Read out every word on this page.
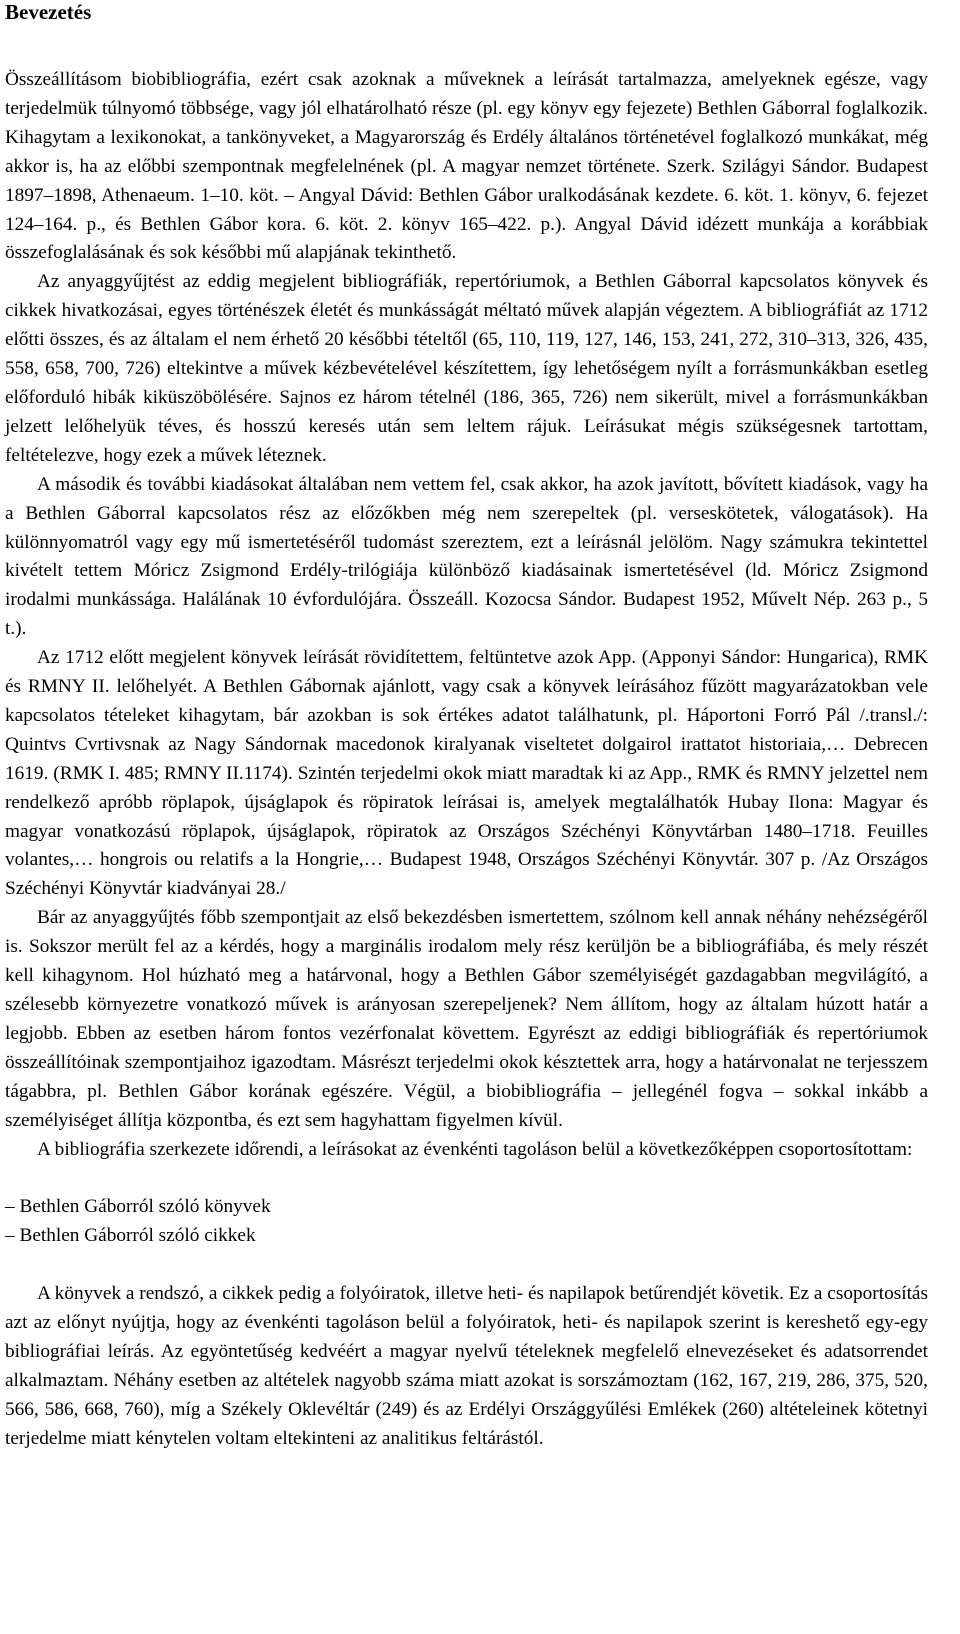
Bevezetés

Összeállításom biobibliográfia, ezért csak azoknak a műveknek a leírását tartalmazza, amelyeknek egésze, vagy terjedelmük túlnyomó többsége, vagy jól elhatárolható része (pl. egy könyv egy fejezete) Bethlen Gáborral foglalkozik. Kihagytam a lexikonokat, a tankönyveket, a Magyarország és Erdély általános történetével foglalkozó munkákat, még akkor is, ha az előbbi szempontnak megfelelnének (pl. A magyar nemzet története. Szerk. Szilágyi Sándor. Budapest 1897–1898, Athenaeum. 1–10. köt. – Angyal Dávid: Bethlen Gábor uralkodásának kezdete. 6. köt. 1. könyv, 6. fejezet 124–164. p., és Bethlen Gábor kora. 6. köt. 2. könyv 165–422. p.). Angyal Dávid idézett munkája a korábbiak összefoglalásának és sok későbbi mű alapjának tekinthető.

Az anyaggyűjtést az eddig megjelent bibliográfiák, repertóriumok, a Bethlen Gáborral kapcsolatos könyvek és cikkek hivatkozásai, egyes történészek életét és munkásságát méltató művek alapján végeztem. A bibliográfiát az 1712 előtti összes, és az általam el nem érhető 20 későbbi tételtől (65, 110, 119, 127, 146, 153, 241, 272, 310–313, 326, 435, 558, 658, 700, 726) eltekintve a művek kézbevételével készítettem, így lehetőségem nyílt a forrásmunkákban esetleg előforduló hibák kiküszöbölésére. Sajnos ez három tételnél (186, 365, 726) nem sikerült, mivel a forrásmunkákban jelzett lelőhelyük téves, és hosszú keresés után sem leltem rájuk. Leírásukat mégis szükségesnek tartottam, feltételezve, hogy ezek a művek léteznek.

A második és további kiadásokat általában nem vettem fel, csak akkor, ha azok javított, bővített kiadások, vagy ha a Bethlen Gáborral kapcsolatos rész az előzőkben még nem szerepeltek (pl. verseskötetek, válogatások). Ha különnyomatról vagy egy mű ismertetéséről tudomást szereztem, ezt a leírásnál jelölöm. Nagy számukra tekintettel kivételt tettem Móricz Zsigmond Erdély-trilógiája különböző kiadásainak ismertetésével (ld. Móricz Zsigmond irodalmi munkássága. Halálának 10 évfordulójára. Összeáll. Kozocsa Sándor. Budapest 1952, Művelt Nép. 263 p., 5 t.).

Az 1712 előtt megjelent könyvek leírását rövidítettem, feltüntetve azok App. (Apponyi Sándor: Hungarica), RMK és RMNY II. lelőhelyét. A Bethlen Gábornak ajánlott, vagy csak a könyvek leírásához fűzött magyarázatokban vele kapcsolatos tételeket kihagytam, bár azokban is sok értékes adatot találhatunk, pl. Háportoni Forró Pál /.transl./: Quintvs Cvrtivsnak az Nagy Sándornak macedonok kiralyanak viseltetet dolgairol irattatot historiaia,… Debrecen 1619. (RMK I. 485; RMNY II.1174). Szintén terjedelmi okok miatt maradtak ki az App., RMK és RMNY jelzettel nem rendelkező apróbb röplapok, újságlapok és röpiratok leírásai is, amelyek megtalálhatók Hubay Ilona: Magyar és magyar vonatkozású röplapok, újságlapok, röpiratok az Országos Széchényi Könyvtárban 1480–1718. Feuilles volantes,… hongrois ou relatifs a la Hongrie,… Budapest 1948, Országos Széchényi Könyvtár. 307 p. /Az Országos Széchényi Könyvtár kiadványai 28./

Bár az anyaggyűjtés főbb szempontjait az első bekezdésben ismertettem, szólnom kell annak néhány nehézségéről is. Sokszor merült fel az a kérdés, hogy a marginális irodalom mely rész kerüljön be a bibliográfiába, és mely részét kell kihagynom. Hol húzható meg a határvonal, hogy a Bethlen Gábor személyiségét gazdagabban megvilágító, a szélesebb környezetre vonatkozó művek is arányosan szerepeljenek? Nem állítom, hogy az általam húzott határ a legjobb. Ebben az esetben három fontos vezérfonalat követtem. Egyrészt az eddigi bibliográfiák és repertóriumok összeállítóinak szempontjaihoz igazodtam. Másrészt terjedelmi okok késztettek arra, hogy a határvonalat ne terjesszem tágabbra, pl. Bethlen Gábor korának egészére. Végül, a biobibliográfia – jellegénél fogva – sokkal inkább a személyiséget állítja központba, és ezt sem hagyhattam figyelmen kívül.

A bibliográfia szerkezete időrendi, a leírásokat az évenkénti tagoláson belül a következőképpen csoportosítottam:

– Bethlen Gáborról szóló könyvek
– Bethlen Gáborról szóló cikkek

A könyvek a rendszó, a cikkek pedig a folyóiratok, illetve heti- és napilapok betűrendjét követik. Ez a csoportosítás azt az előnyt nyújtja, hogy az évenkénti tagoláson belül a folyóiratok, heti- és napilapok szerint is kereshető egy-egy bibliográfiai leírás. Az egyöntetűség kedvéért a magyar nyelvű tételeknek megfelelő elnevezéseket és adatsorrendet alkalmaztam. Néhány esetben az altételek nagyobb száma miatt azokat is sorszámoztam (162, 167, 219, 286, 375, 520, 566, 586, 668, 760), míg a Székely Oklevéltár (249) és az Erdélyi Országgyűlési Emlékek (260) altételeinek kötetnyi terjedelme miatt kénytelen voltam eltekinteni az analitikus feltárástól.
